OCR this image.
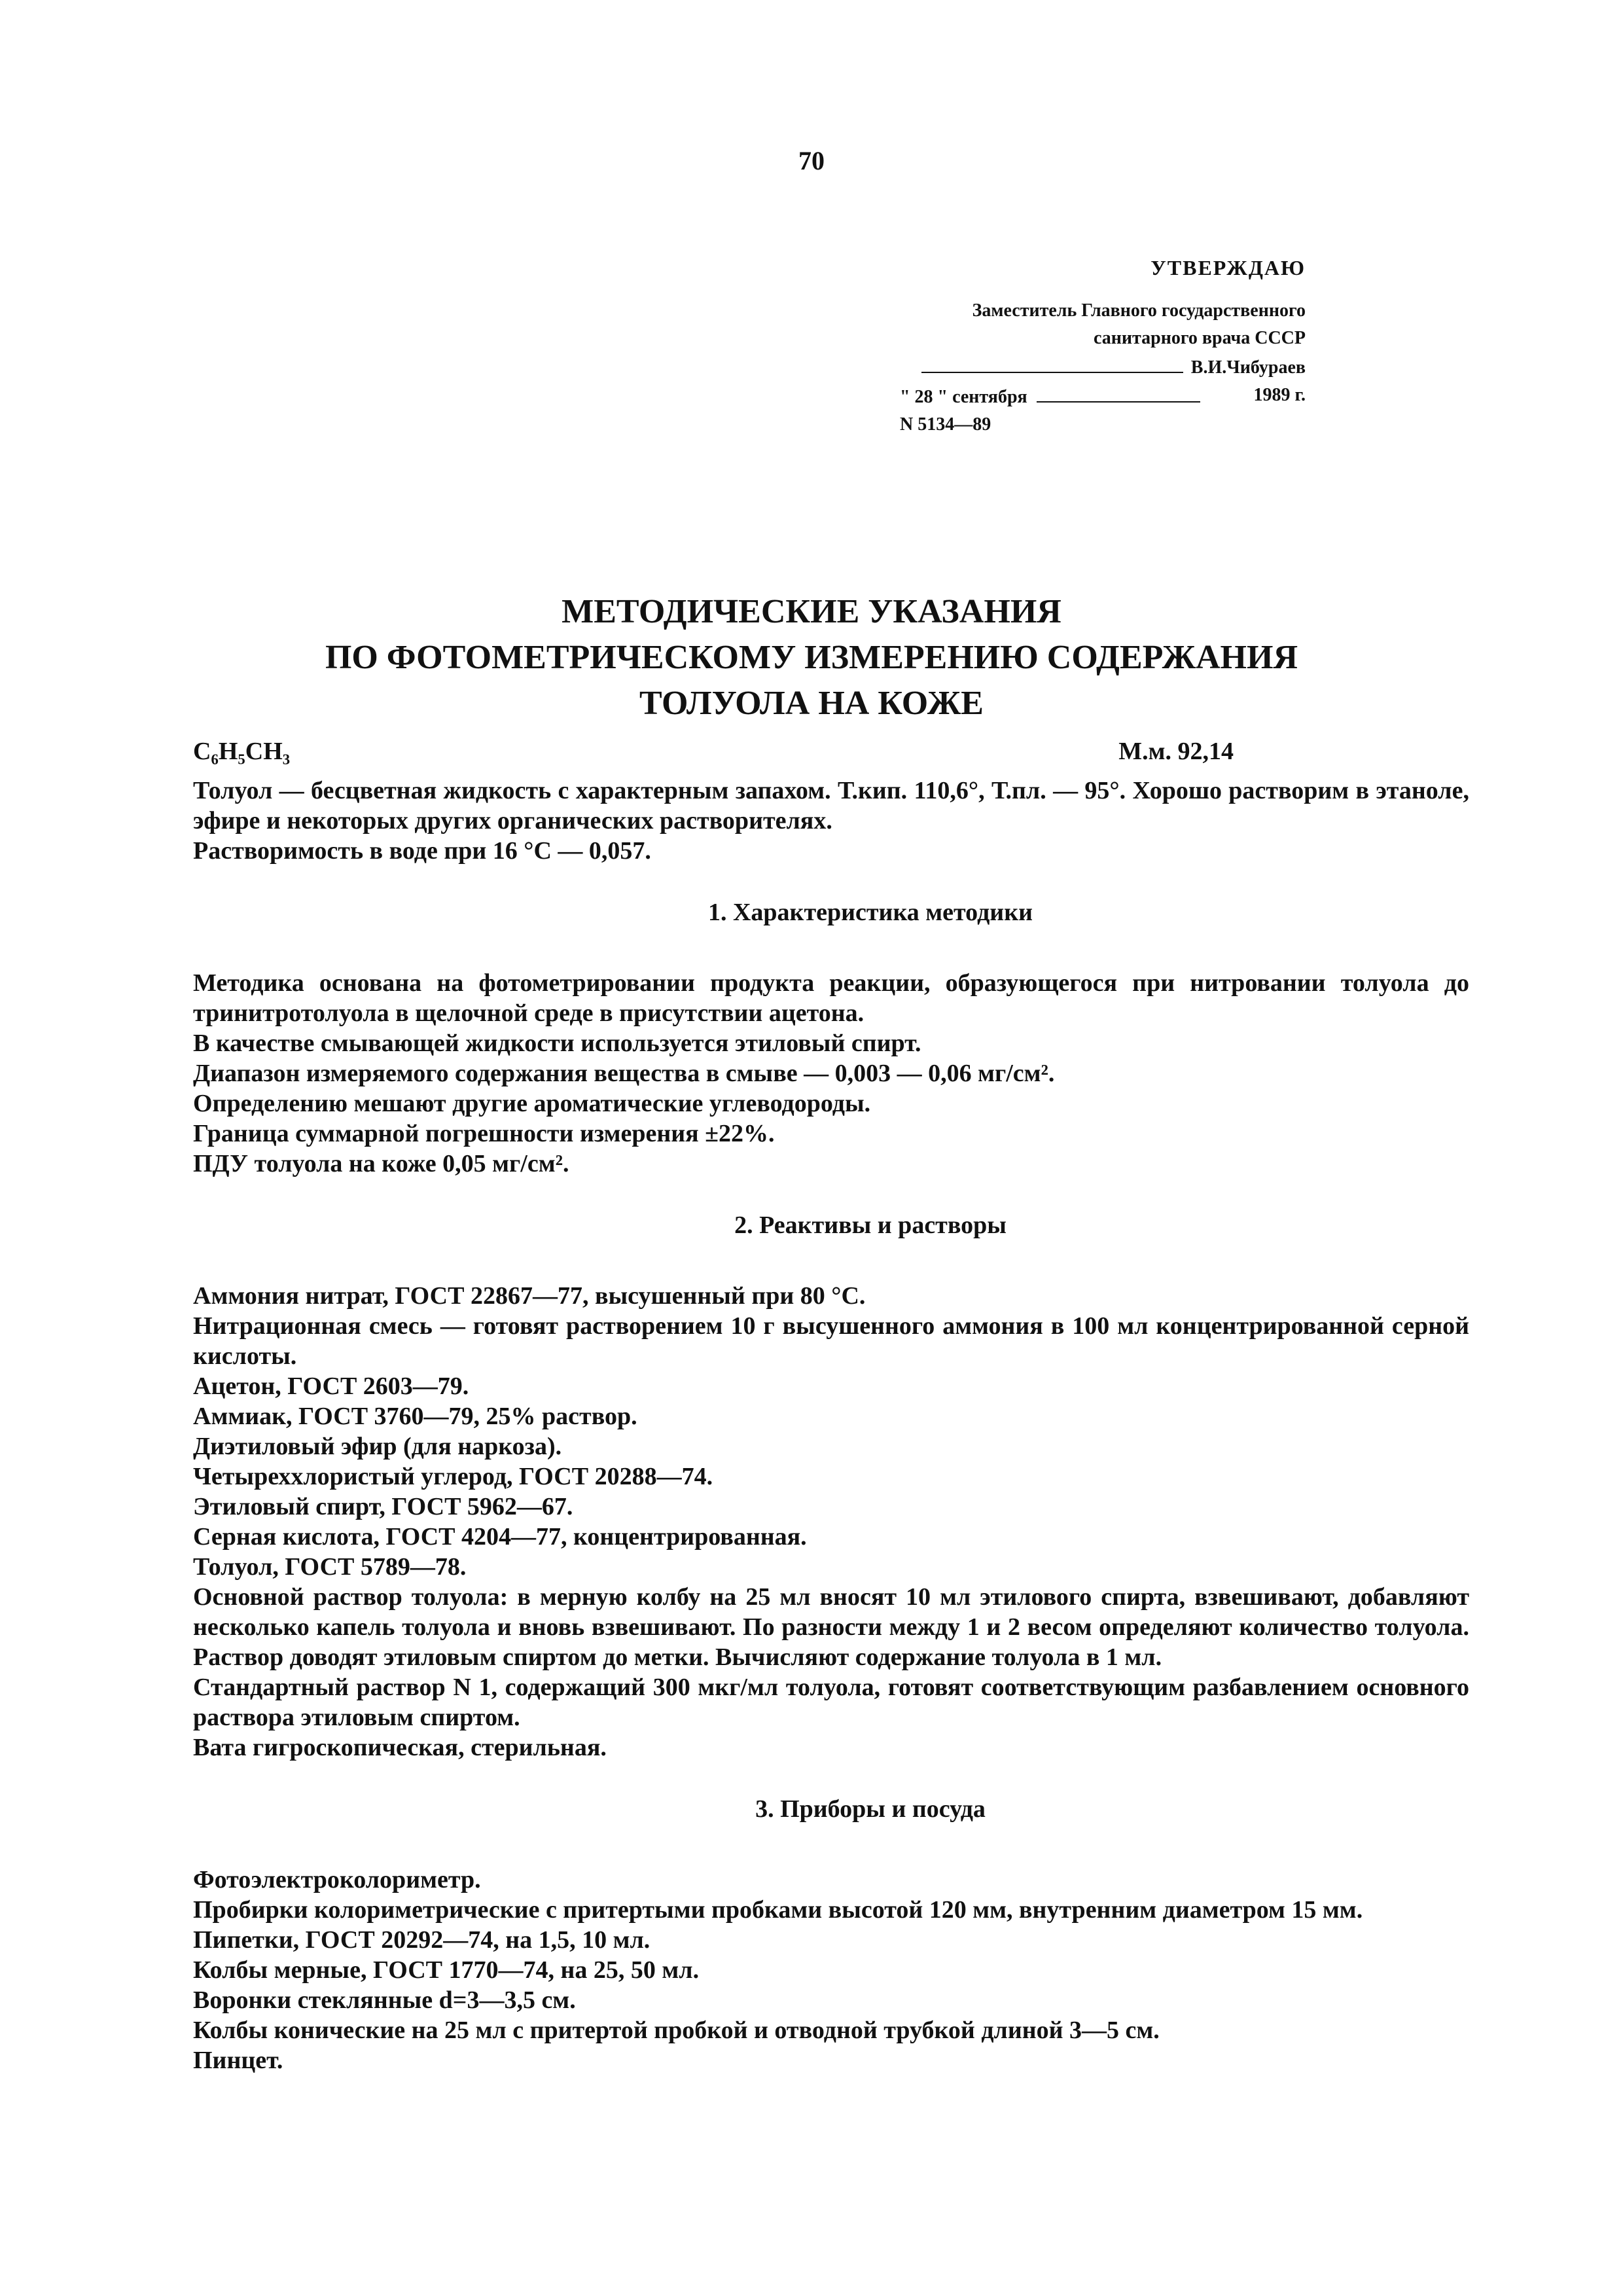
70
УТВЕРЖДАЮ
Заместитель Главного государственного
санитарного врача СССР
В.И.Чибураев
" 28 " сентября	1989 г.
N 5134—89
МЕТОДИЧЕСКИЕ УКАЗАНИЯ
ПО ФОТОМЕТРИЧЕСКОМУ ИЗМЕРЕНИЮ СОДЕРЖАНИЯ
ТОЛУОЛА НА КОЖЕ
C₆H₅CH₃	М.м. 92,14

Толуол — бесцветная жидкость с характерным запахом. Т.кип. 110,6°, Т.пл. — 95°. Хорошо растворим в этаноле, эфире и некоторых других органических растворителях.

Растворимость в воде при 16 °С — 0,057.

1. Характеристика методики

Методика основана на фотометрировании продукта реакции, образующегося при нитровании толуола до тринитротолуола в щелочной среде в присутствии ацетона.

В качестве смывающей жидкости используется этиловый спирт.

Диапазон измеряемого содержания вещества в смыве — 0,003 — 0,06 мг/см².

Определению мешают другие ароматические углеводороды.

Граница суммарной погрешности измерения ±22%.

ПДУ толуола на коже 0,05 мг/см².

2. Реактивы и растворы

Аммония нитрат, ГОСТ 22867—77, высушенный при 80 °С.

Нитрационная смесь — готовят растворением 10 г высушенного аммония в 100 мл концентрированной серной кислоты.

Ацетон, ГОСТ 2603—79.

Аммиак, ГОСТ 3760—79, 25% раствор.

Диэтиловый эфир (для наркоза).

Четыреххлористый углерод, ГОСТ 20288—74.

Этиловый спирт, ГОСТ 5962—67.

Серная кислота, ГОСТ 4204—77, концентрированная.

Толуол, ГОСТ 5789—78.

Основной раствор толуола: в мерную колбу на 25 мл вносят 10 мл этилового спирта, взвешивают, добавляют несколько капель толуола и вновь взвешивают. По разности между 1 и 2 весом определяют количество толуола. Раствор доводят этиловым спиртом до метки. Вычисляют содержание толуола в 1 мл.

Стандартный раствор N 1, содержащий 300 мкг/мл толуола, готовят соответствующим разбавлением основного раствора этиловым спиртом.

Вата гигроскопическая, стерильная.

3. Приборы и посуда

Фотоэлектроколориметр.

Пробирки колориметрические с притертыми пробками высотой 120 мм, внутренним диаметром 15 мм.

Пипетки, ГОСТ 20292—74, на 1,5, 10 мл.

Колбы мерные, ГОСТ 1770—74, на 25, 50 мл.

Воронки стеклянные d=3—3,5 см.

Колбы конические на 25 мл с притертой пробкой и отводной трубкой длиной 3—5 см.

Пинцет.
